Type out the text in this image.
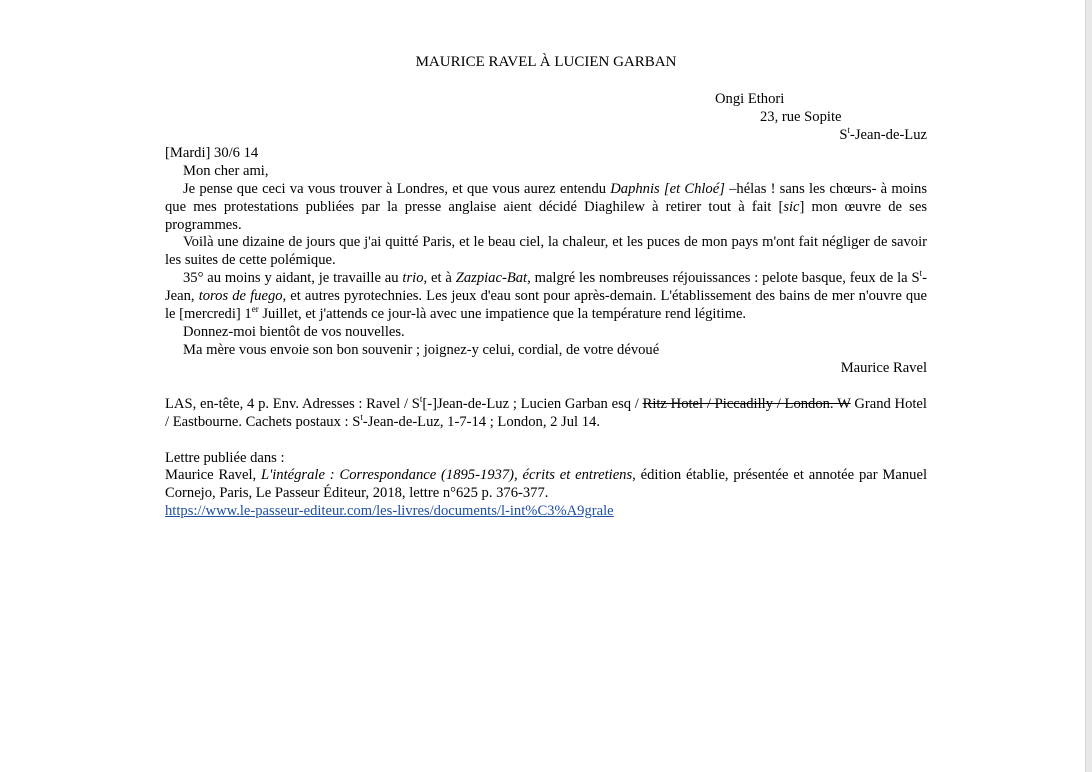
MAURICE RAVEL À LUCIEN GARBAN
Ongi Ethori
23, rue Sopite
$S^t-Jean-de$-Luz

[Mardi] 30/6 14

Mon cher ami,

Je pense que ceci va vous trouver à Londres, et que vous aurez entendu Daphnis [et Chloé] –hélas ! sans les chœurs- à moins que mes protestations publiées par la presse anglaise aient décidé Diaghilew à retirer tout à fait [sic] mon œuvre de ses programmes.

Voilà une dizaine de jours que j'ai quitté Paris, et le beau ciel, la chaleur, et les puces de mon pays m'ont fait négliger de savoir les suites de cette polémique.

35° au moins y aidant, je travaille au trio, et à Zazpiac-Bat, malgré les nombreuses réjouissances : pelote basque, feux de la $S^t$-Jean, toros de fuego, et autres pyrotechnies. Les jeux d'eau sont pour après-demain. L'établissement des bains de mer n'ouvre que le [mercredi] 1er Juillet, et j'attends ce jour-là avec une impatience que la température rend légitime.

Donnez-moi bientôt de vos nouvelles.

Ma mère vous envoie son bon souvenir ; joignez-y celui, cordial, de votre dévoué

Maurice Ravel

LAS, en-tête, 4 p. Env. Adresses : Ravel / $S^t[-]Jean-de$-Luz ; Lucien Garban esq / Ritz Hotel / Piccadilly / London. W Grand Hotel / Eastbourne. Cachets postaux : $S^t-Jean-de$-Luz, 1-7-14 ; London, 2 Jul 14.

Lettre publiée dans :

Maurice Ravel, L'intégrale : Correspondance (1895-1937), écrits et entretiens, édition établie, présentée et annotée par Manuel Cornejo, Paris, Le Passeur Éditeur, 2018, lettre n°625 p. 376-377.

https://www.le-passeur-editeur.com/les-livres/documents/l-int%C3%A9grale
